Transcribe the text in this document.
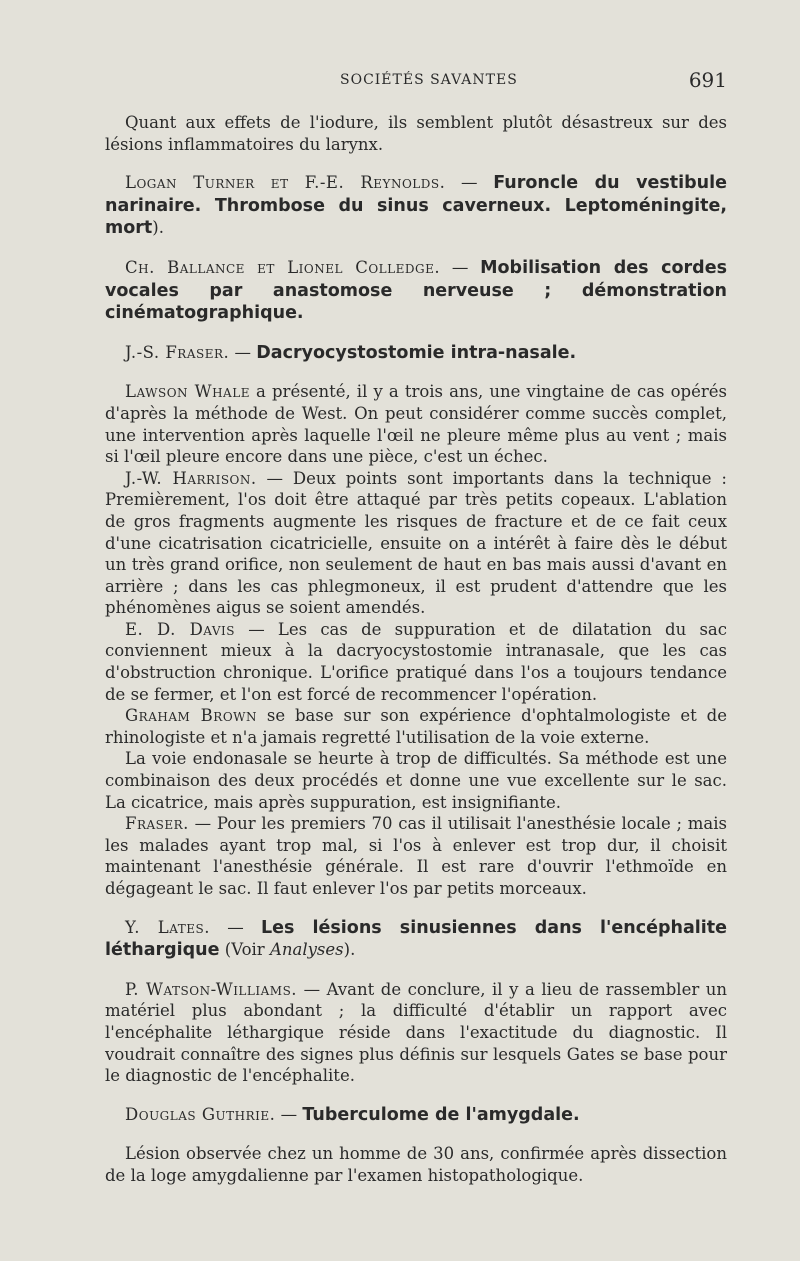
SOCIÉTÉS SAVANTES	691

Quant aux effets de l'iodure, ils semblent plutôt désastreux sur des lésions inflammatoires du larynx.

Logan Turner et F.-E. Reynolds. — Furoncle du vestibule narinaire. Thrombose du sinus caverneux. Leptoméningite, mort).

Ch. Ballance et Lionel Colledge. — Mobilisation des cordes vocales par anastomose nerveuse ; démonstration cinématographique.

J.-S. Fraser. — Dacryocystostomie intra-nasale.

Lawson Whale a présenté, il y a trois ans, une vingtaine de cas opérés d'après la méthode de West. On peut considérer comme succès complet, une intervention après laquelle l'œil ne pleure même plus au vent ; mais si l'œil pleure encore dans une pièce, c'est un échec.

J.-W. Harrison. — Deux points sont importants dans la technique : Premièrement, l'os doit être attaqué par très petits copeaux. L'ablation de gros fragments augmente les risques de fracture et de ce fait ceux d'une cicatrisation cicatricielle, ensuite on a intérêt à faire dès le début un très grand orifice, non seulement de haut en bas mais aussi d'avant en arrière ; dans les cas phlegmoneux, il est prudent d'attendre que les phénomènes aigus se soient amendés.

E. D. Davis — Les cas de suppuration et de dilatation du sac conviennent mieux à la dacryocystostomie intranasale, que les cas d'obstruction chronique. L'orifice pratiqué dans l'os a toujours tendance de se fermer, et l'on est forcé de recommencer l'opération.

Graham Brown se base sur son expérience d'ophtalmologiste et de rhinologiste et n'a jamais regretté l'utilisation de la voie externe.

La voie endonasale se heurte à trop de difficultés. Sa méthode est une combinaison des deux procédés et donne une vue excellente sur le sac. La cicatrice, mais après suppuration, est insignifiante.

Fraser. — Pour les premiers 70 cas il utilisait l'anesthésie locale ; mais les malades ayant trop mal, si l'os à enlever est trop dur, il choisit maintenant l'anesthésie générale. Il est rare d'ouvrir l'ethmoïde en dégageant le sac. Il faut enlever l'os par petits morceaux.

Y. Lates. — Les lésions sinusiennes dans l'encéphalite léthargique (Voir Analyses).

P. Watson-Williams. — Avant de conclure, il y a lieu de rassembler un matériel plus abondant ; la difficulté d'établir un rapport avec l'encéphalite léthargique réside dans l'exactitude du diagnostic. Il voudrait connaître des signes plus définis sur lesquels Gates se base pour le diagnostic de l'encéphalite.

Douglas Guthrie. — Tuberculome de l'amygdale.

Lésion observée chez un homme de 30 ans, confirmée après dissection de la loge amygdalienne par l'examen histopathologique.
